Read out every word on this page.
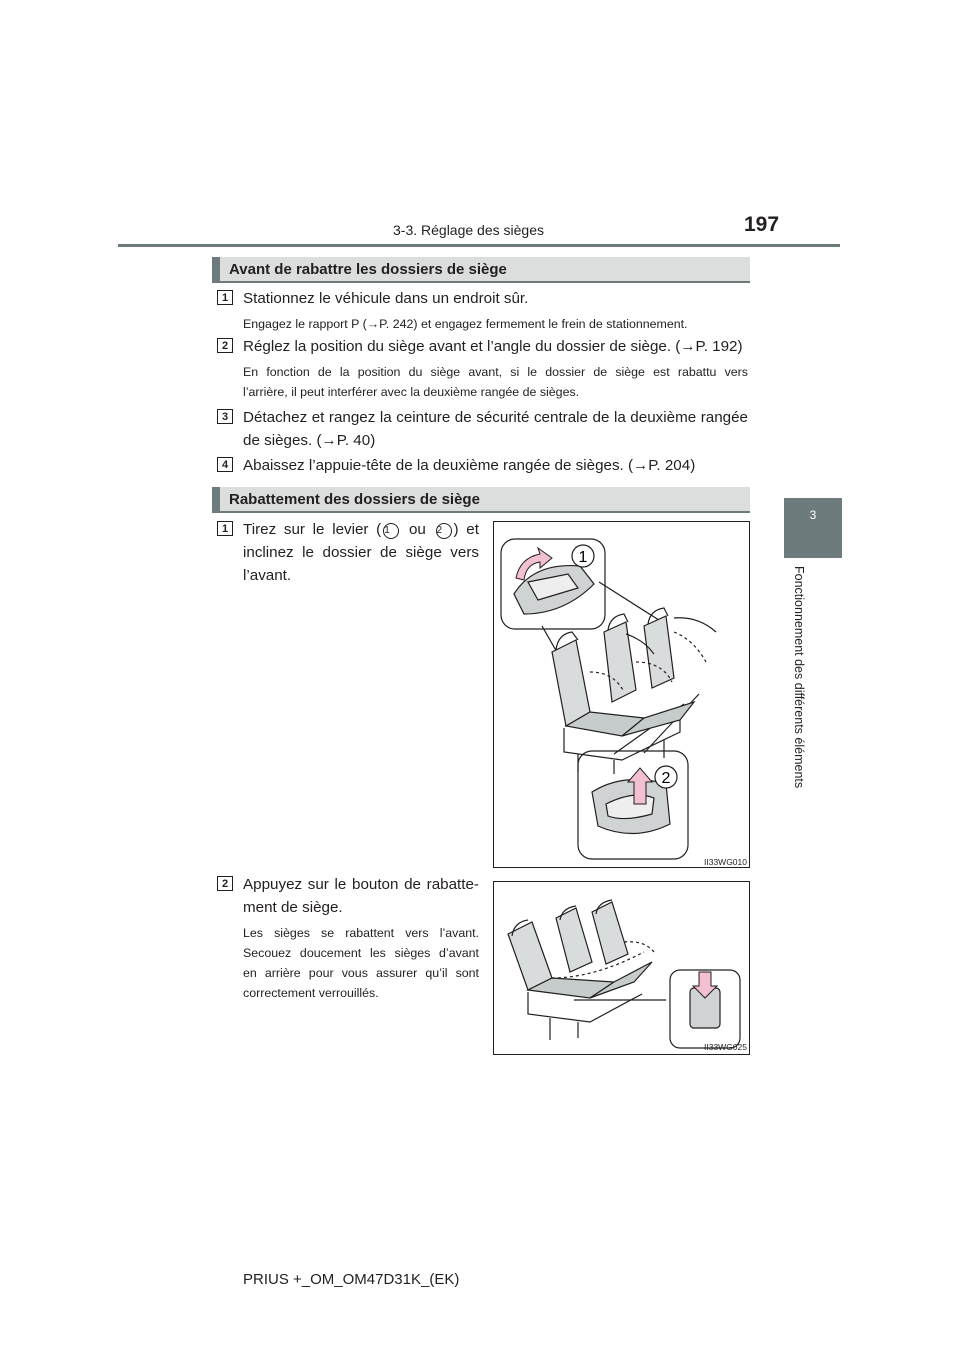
3-3. Réglage des sièges	197
3
Fonctionnement des différents éléments
Avant de rabattre les dossiers de siège
1 Stationnez le véhicule dans un endroit sûr.
Engagez le rapport P (→P. 242) et engagez fermement le frein de stationnement.
2 Réglez la position du siège avant et l’angle du dossier de siège. (→P. 192)
En fonction de la position du siège avant, si le dossier de siège est rabattu vers
l’arrière, il peut interférer avec la deuxième rangée de sièges.
3 Détachez et rangez la ceinture de sécurité centrale de la deuxième rangée
de sièges. (→P. 40)
4 Abaissez l’appuie-tête de la deuxième rangée de sièges. (→P. 204)
Rabattement des dossiers de siège
1 Tirez sur le levier ( 1 ou 2 ) et
inclinez le dossier de siège vers
l’avant.
2 Appuyez sur le bouton de rabatte-
ment de siège.
Les sièges se rabattent vers l’avant.
Secouez doucement les sièges d’avant
en arrière pour vous assurer qu’il sont
correctement verrouillés.
1
2
II33WG010
II33WG025
PRIUS +_OM_OM47D31K_(EK)
